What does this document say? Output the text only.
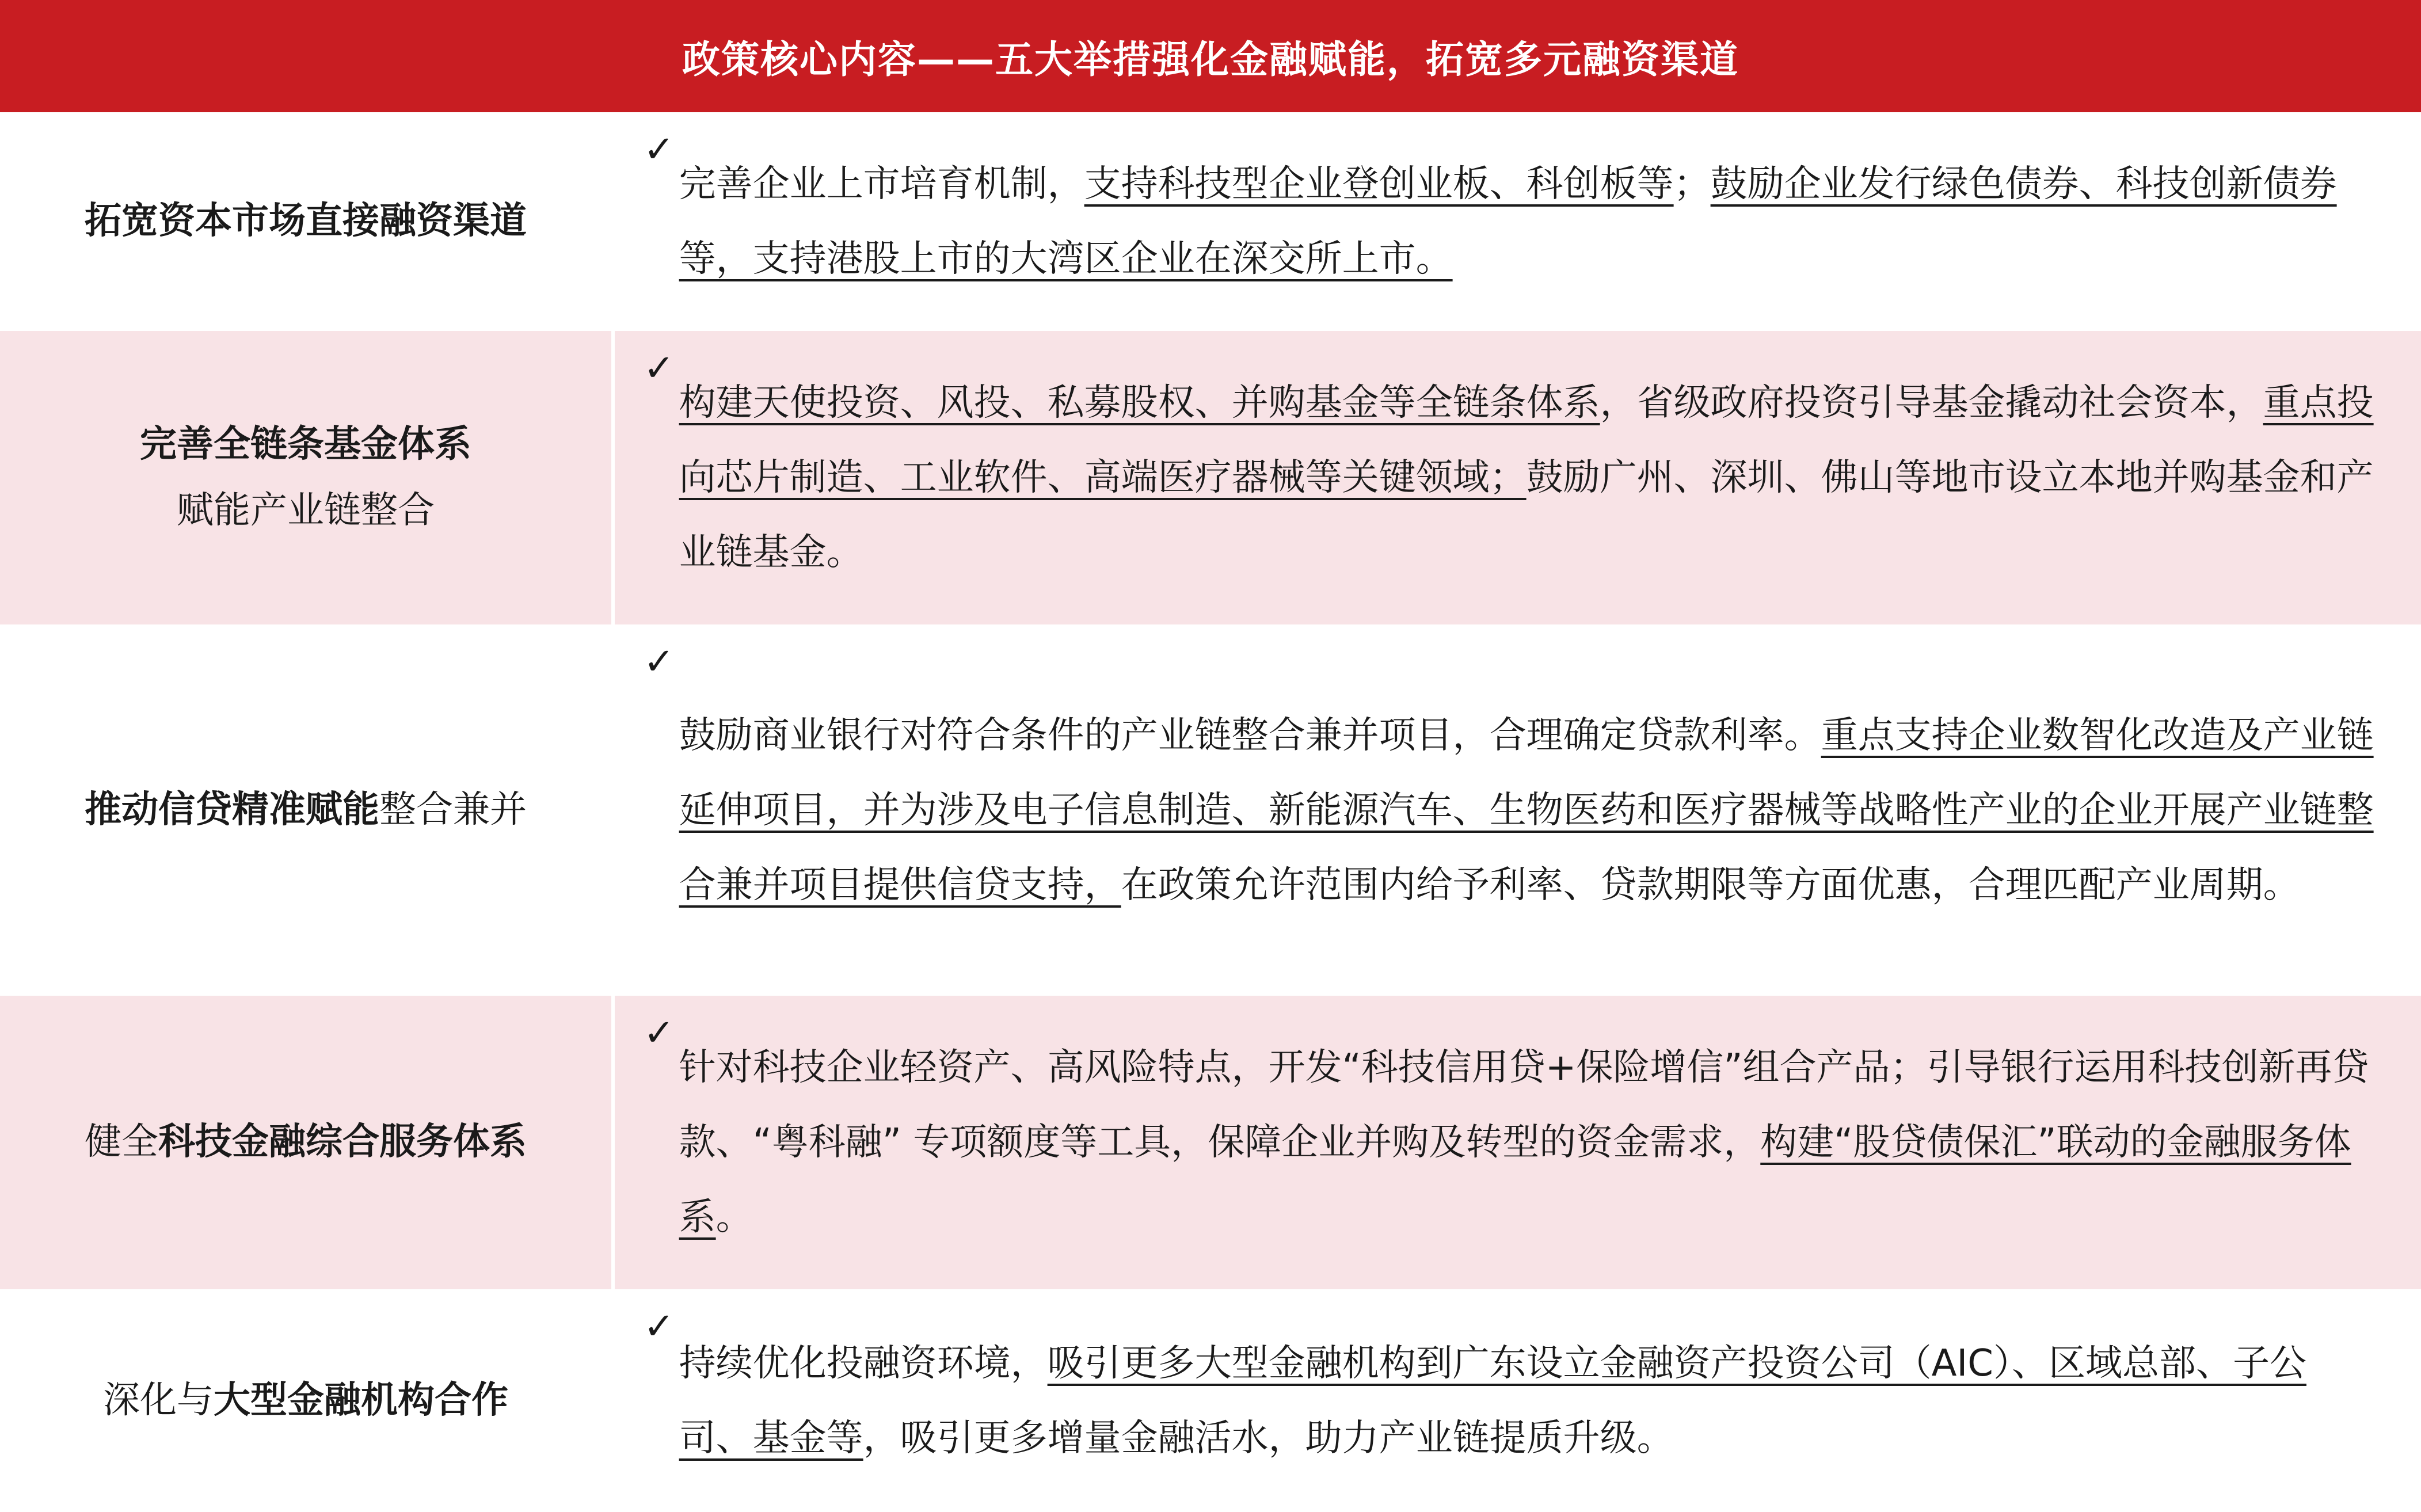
政策核心内容——五大举措强化金融赋能，拓宽多元融资渠道
拓宽资本市场直接融资渠道
✓
完善企业上市培育机制，支持科技型企业登创业板、科创板等；鼓励企业发行绿色债券、科技创新债券等，支持港股上市的大湾区企业在深交所上市。
完善全链条基金体系
赋能产业链整合
✓
构建天使投资、风投、私募股权、并购基金等全链条体系，省级政府投资引导基金撬动社会资本，重点投向芯片制造、工业软件、高端医疗器械等关键领域；鼓励广州、深圳、佛山等地市设立本地并购基金和产业链基金。
推动信贷精准赋能整合兼并
✓
鼓励商业银行对符合条件的产业链整合兼并项目，合理确定贷款利率。重点支持企业数智化改造及产业链延伸项目，并为涉及电子信息制造、新能源汽车、生物医药和医疗器械等战略性产业的企业开展产业链整合兼并项目提供信贷支持，在政策允许范围内给予利率、贷款期限等方面优惠，合理匹配产业周期。
健全科技金融综合服务体系
✓
针对科技企业轻资产、高风险特点，开发“科技信用贷+保险增信”组合产品；引导银行运用科技创新再贷款、“粤科融” 专项额度等工具，保障企业并购及转型的资金需求，构建“股贷债保汇”联动的金融服务体系。
深化与大型金融机构合作
✓
持续优化投融资环境，吸引更多大型金融机构到广东设立金融资产投资公司（AIC）、区域总部、子公司、基金等，吸引更多增量金融活水，助力产业链提质升级。
